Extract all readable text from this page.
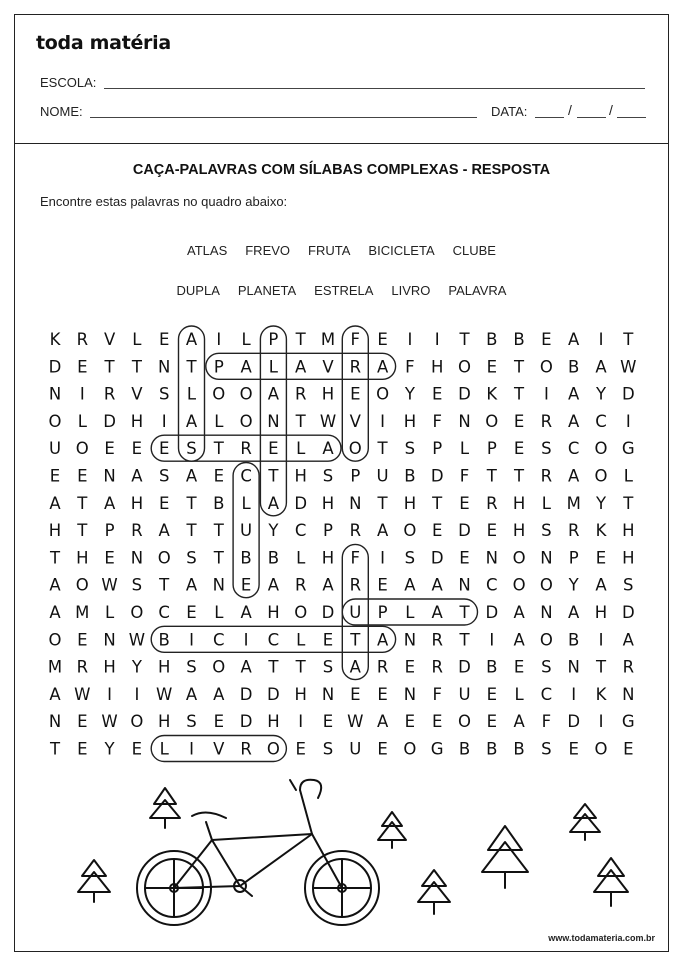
toda matéria
ESCOLA:
NOME:	DATA:	/	/
CAÇA-PALAVRAS COM SÍLABAS COMPLEXAS - RESPOSTA
Encontre estas palavras no quadro abaixo:
ATLAS	FREVO	FRUTA	BICICLETA	CLUBE
DUPLA	PLANETA	ESTRELA	LIVRO	PALAVRA
K R V L E A I L P T M F E I I T B B E A I T
D E T T N T P A L A V R A F H O E T O B A W
N I R V S L O O A R H E O Y E D K T I A Y D
O L D H I A L O N T W V I H F N O E R A C I
U O E E E S T R E L A O T S P L P E S C O G
E E N A S A E C T H S P U B D F T T R A O L
A T A H E T B L A D H N T H T E R H L M Y T
H T P R A T T U Y C P R A O E D E H S R K H
T H E N O S T B B L H F I S D E N O N P E H
A O W S T A N E A R A R E A A N C O O Y A S
A M L O C E L A H O D U P L A T D A N A H D
O E N W B I C I C L E T A N R T I A O B I A
M R H Y H S O A T T S A R E R D B E S N T R
A W I I W A A D D H N E E N F U E L C I K N
N E W O H S E D H I E W A E E O E A F D I G
T E Y E L I V R O E S U E O G B B B S E O E
www.todamateria.com.br
